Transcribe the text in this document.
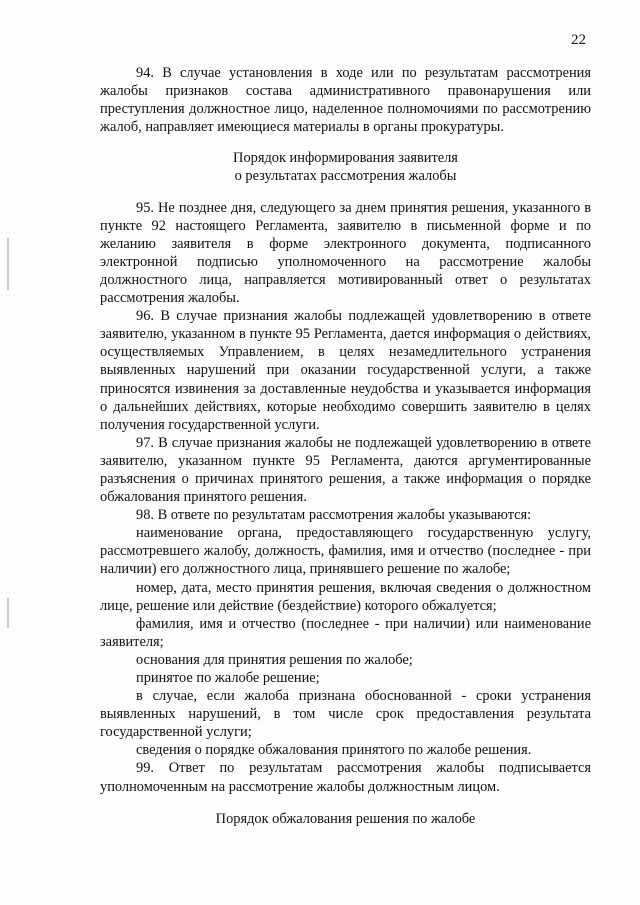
22

94. В случае установления в ходе или по результатам рассмотрения жалобы признаков состава административного правонарушения или преступления должностное лицо, наделенное полномочиями по рассмотрению жалоб, направляет имеющиеся материалы в органы прокуратуры.

Порядок информирования заявителя
о результатах рассмотрения жалобы

95. Не позднее дня, следующего за днем принятия решения, указанного в пункте 92 настоящего Регламента, заявителю в письменной форме и по желанию заявителя в форме электронного документа, подписанного электронной подписью уполномоченного на рассмотрение жалобы должностного лица, направляется мотивированный ответ о результатах рассмотрения жалобы.

96. В случае признания жалобы подлежащей удовлетворению в ответе заявителю, указанном в пункте 95 Регламента, дается информация о действиях, осуществляемых Управлением, в целях незамедлительного устранения выявленных нарушений при оказании государственной услуги, а также приносятся извинения за доставленные неудобства и указывается информация о дальнейших действиях, которые необходимо совершить заявителю в целях получения государственной услуги.

97. В случае признания жалобы не подлежащей удовлетворению в ответе заявителю, указанном пункте 95 Регламента, даются аргументированные разъяснения о причинах принятого решения, а также информация о порядке обжалования принятого решения.

98. В ответе по результатам рассмотрения жалобы указываются:

наименование органа, предоставляющего государственную услугу, рассмотревшего жалобу, должность, фамилия, имя и отчество (последнее - при наличии) его должностного лица, принявшего решение по жалобе;

номер, дата, место принятия решения, включая сведения о должностном лице, решение или действие (бездействие) которого обжалуется;

фамилия, имя и отчество (последнее - при наличии) или наименование заявителя;

основания для принятия решения по жалобе;

принятое по жалобе решение;

в случае, если жалоба признана обоснованной - сроки устранения выявленных нарушений, в том числе срок предоставления результата государственной услуги;

сведения о порядке обжалования принятого по жалобе решения.

99. Ответ по результатам рассмотрения жалобы подписывается уполномоченным на рассмотрение жалобы должностным лицом.

Порядок обжалования решения по жалобе
